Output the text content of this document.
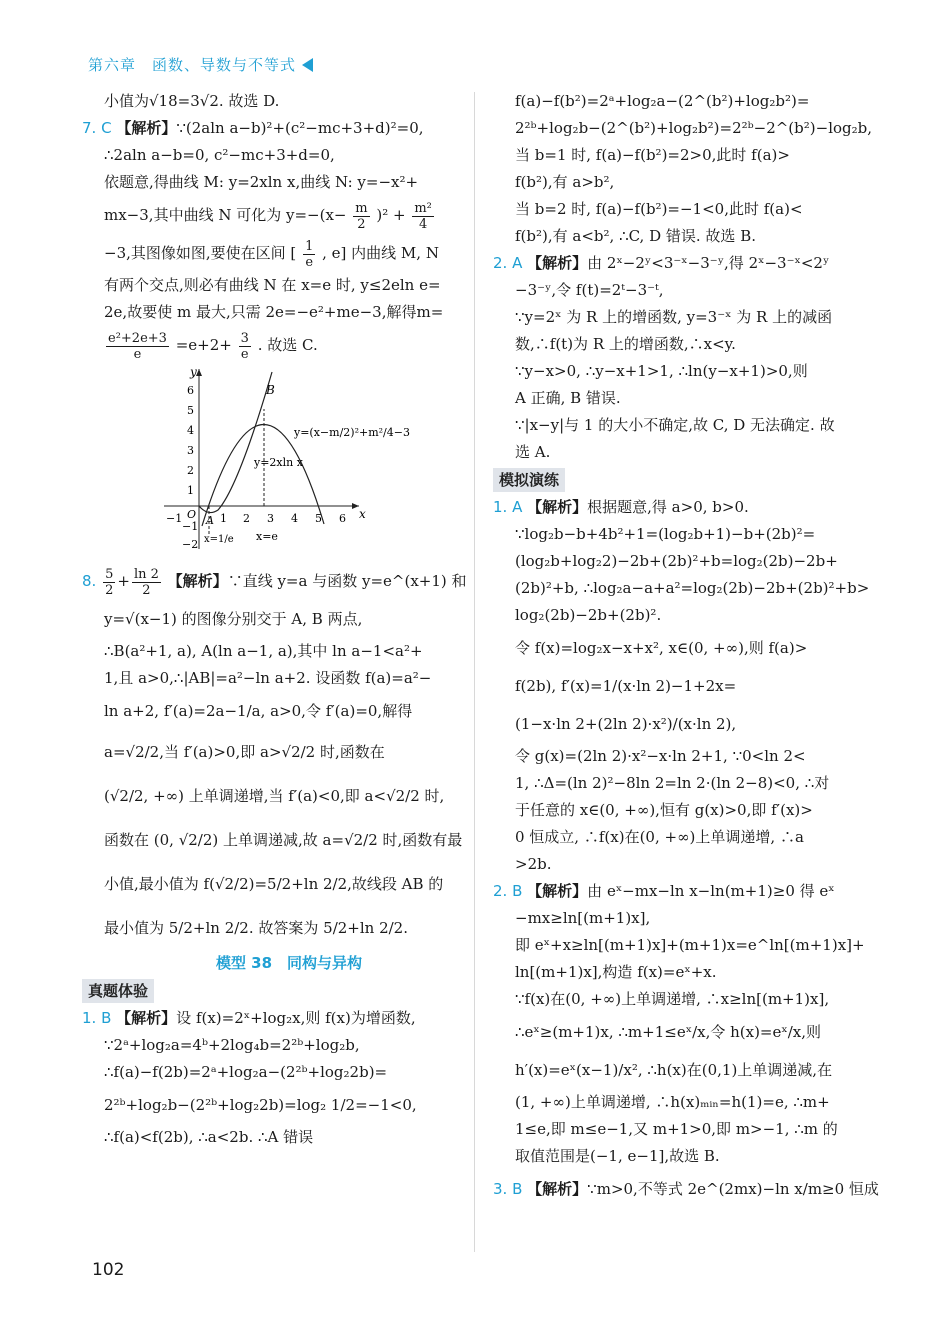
第六章　函数、导数与不等式
小值为√18=3√2. 故选 D.
7. C 【解析】∵(2aln a−b)²+(c²−mc+3+d)²=0,
∴2aln a−b=0, c²−mc+3+d=0,
依题意,得曲线 M: y=2xln x,曲线 N: y=−x²+
mx−3,其中曲线 N 可化为 $y=-(x- \frac{m}{2} )^2 + \frac{\text{m²}}{4}$
−3,其图像如图,要使在区间 [ $\frac{1}{e}$ , e] 内曲线 M, N
有两个交点,则必有曲线 N 在 x=e 时, y≤2eln e=
2e,故要使 m 最大,只需 2e=−e²+me−3,解得m=
$\frac{\text{e²+2e+3}}{e} =e+2+ \frac{3}{e}$ . 故选 C.
y
x
O
6
5
4
3
2
1
−1
−2
−1	1 2 3 4 5 6
B
A
y=(x−m/2)²+m²/4−3
y=2xln x
x=1/e x=e
8. $\frac{5}{2} + \frac{\ln 2}{2}$ 【解析】∵直线 y=a 与函数 y=e^(x+1) 和
y=√(x−1) 的图像分别交于 A, B 两点,
∴B(a²+1, a), A(ln a−1, a),其中 ln a−1<a²+
1,且 a>0,∴|AB|=a²−ln a+2. 设函数 f(a)=a²−
ln a+2, f′(a)=2a−1/a, a>0,令 f′(a)=0,解得
a=√2/2,当 f′(a)>0,即 a>√2/2 时,函数在
(√2/2, +∞) 上单调递增,当 f′(a)<0,即 a<√2/2 时,
函数在 (0, √2/2) 上单调递减,故 a=√2/2 时,函数有最
小值,最小值为 f(√2/2)=5/2+ln 2/2,故线段 AB 的
最小值为 5/2+ln 2/2. 故答案为 5/2+ln 2/2.
模型 38　同构与异构
真题体验
1. B 【解析】设 f(x)=2ˣ+log₂x,则 f(x)为增函数,
∵2ᵃ+log₂a=4ᵇ+2log₄b=2²ᵇ+log₂b,
∴f(a)−f(2b)=2ᵃ+log₂a−(2²ᵇ+log₂2b)=
2²ᵇ+log₂b−(2²ᵇ+log₂2b)=log₂ 1/2=−1<0,
∴f(a)<f(2b), ∴a<2b. ∴A 错误
f(a)−f(b²)=2ᵃ+log₂a−(2^(b²)+log₂b²)=
2²ᵇ+log₂b−(2^(b²)+log₂b²)=2²ᵇ−2^(b²)−log₂b,
当 b=1 时, f(a)−f(b²)=2>0,此时 f(a)>
f(b²),有 a>b²,
当 b=2 时, f(a)−f(b²)=−1<0,此时 f(a)<
f(b²),有 a<b², ∴C, D 错误. 故选 B.
2. A 【解析】由 2ˣ−2ʸ<3⁻ˣ−3⁻ʸ,得 2ˣ−3⁻ˣ<2ʸ
−3⁻ʸ,令 f(t)=2ᵗ−3⁻ᵗ,
∵y=2ˣ 为 R 上的增函数, y=3⁻ˣ 为 R 上的减函
数,∴f(t)为 R 上的增函数,∴x<y.
∵y−x>0, ∴y−x+1>1, ∴ln(y−x+1)>0,则
A 正确, B 错误.
∵|x−y|与 1 的大小不确定,故 C, D 无法确定. 故
选 A.
模拟演练
1. A 【解析】根据题意,得 a>0, b>0.
∵log₂b−b+4b²+1=(log₂b+1)−b+(2b)²=
(log₂b+log₂2)−2b+(2b)²+b=log₂(2b)−2b+
(2b)²+b, ∴log₂a−a+a²=log₂(2b)−2b+(2b)²+b>
log₂(2b)−2b+(2b)².
令 f(x)=log₂x−x+x², x∈(0, +∞),则 f(a)>
f(2b), f′(x)=1/(x·ln 2)−1+2x=
(1−x·ln 2+(2ln 2)·x²)/(x·ln 2),
令 g(x)=(2ln 2)·x²−x·ln 2+1, ∵0<ln 2<
1, ∴Δ=(ln 2)²−8ln 2=ln 2·(ln 2−8)<0, ∴对
于任意的 x∈(0, +∞),恒有 g(x)>0,即 f′(x)>
0 恒成立, ∴f(x)在(0, +∞)上单调递增, ∴a
>2b.
2. B 【解析】由 eˣ−mx−ln x−ln(m+1)≥0 得 eˣ
−mx≥ln[(m+1)x],
即 eˣ+x≥ln[(m+1)x]+(m+1)x=e^ln[(m+1)x]+
ln[(m+1)x],构造 f(x)=eˣ+x.
∵f(x)在(0, +∞)上单调递增, ∴x≥ln[(m+1)x],
∴eˣ≥(m+1)x, ∴m+1≤eˣ/x,令 h(x)=eˣ/x,则
h′(x)=eˣ(x−1)/x², ∴h(x)在(0,1)上单调递减,在
(1, +∞)上单调递增, ∴h(x)ₘᵢₙ=h(1)=e, ∴m+
1≤e,即 m≤e−1,又 m+1>0,即 m>−1, ∴m 的
取值范围是(−1, e−1],故选 B.
3. B 【解析】∵m>0,不等式 2e^(2mx)−ln x/m≥0 恒成
102
